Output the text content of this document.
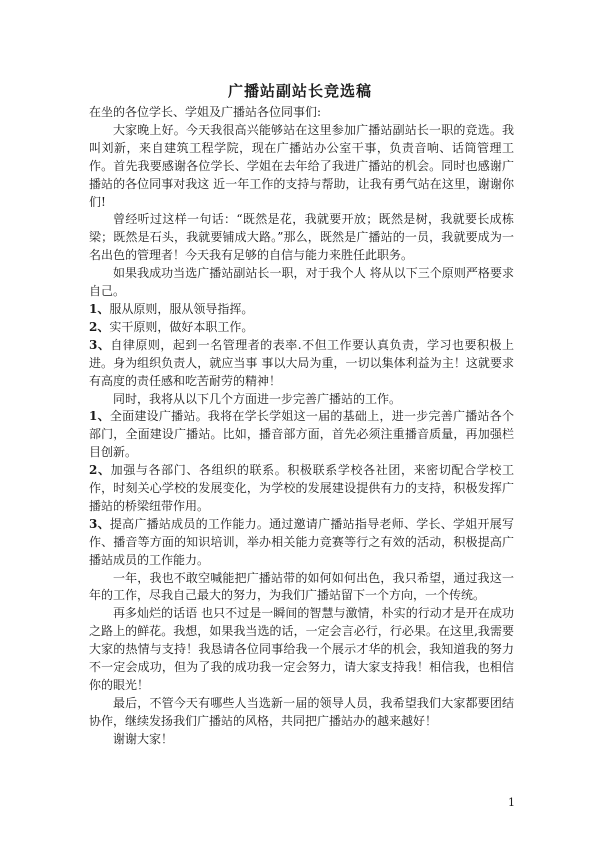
广播站副站长竞选稿

在坐的各位学长、学姐及广播站各位同事们:

大家晚上好。今天我很高兴能够站在这里参加广播站副站长一职的竞选。我叫刘新，来自建筑工程学院，现在广播站办公室干事，负责音响、话筒管理工作。首先我要感谢各位学长、学姐在去年给了我进广播站的机会。同时也感谢广播站的各位同事对我这 近一年工作的支持与帮助，让我有勇气站在这里，谢谢你们!

曾经听过这样一句话：“既然是花，我就要开放；既然是树，我就要长成栋梁；既然是石头，我就要铺成大路。”那么，既然是广播站的一员，我就要成为一名出色的管理者！今天我有足够的自信与能力来胜任此职务。

如果我成功当选广播站副站长一职，对于我个人 将从以下三个原则严格要求自己。

1、服从原则，服从领导指挥。

2、实干原则，做好本职工作。

3、自律原则，起到一名管理者的表率.不但工作要认真负责，学习也要积极上进。身为组织负责人，就应当事 事以大局为重，一切以集体利益为主！这就要求有高度的责任感和吃苦耐劳的精神！

同时，我将从以下几个方面进一步完善广播站的工作。

1、全面建设广播站。我将在学长学姐这一届的基础上，进一步完善广播站各个部门，全面建设广播站。比如，播音部方面，首先必须注重播音质量，再加强栏目创新。

2、加强与各部门、各组织的联系。积极联系学校各社团，来密切配合学校工作，时刻关心学校的发展变化，为学校的发展建设提供有力的支持，积极发挥广播站的桥梁纽带作用。

3、提高广播站成员的工作能力。通过邀请广播站指导老师、学长、学姐开展写作、播音等方面的知识培训，举办相关能力竞赛等行之有效的活动，积极提高广播站成员的工作能力。

一年，我也不敢空喊能把广播站带的如何如何出色，我只希望，通过我这一年的工作，尽我自己最大的努力，为我们广播站留下一个方向，一个传统。

再多灿烂的话语 也只不过是一瞬间的智慧与激情，朴实的行动才是开在成功之路上的鲜花。我想，如果我当选的话，一定会言必行，行必果。在这里,我需要大家的热情与支持！我恳请各位同事给我一个展示才华的机会，我知道我的努力不一定会成功，但为了我的成功我一定会努力，请大家支持我！相信我，也相信你的眼光！

最后，不管今天有哪些人当选新一届的领导人员，我希望我们大家都要团结协作，继续发扬我们广播站的风格，共同把广播站办的越来越好！

谢谢大家！

1
